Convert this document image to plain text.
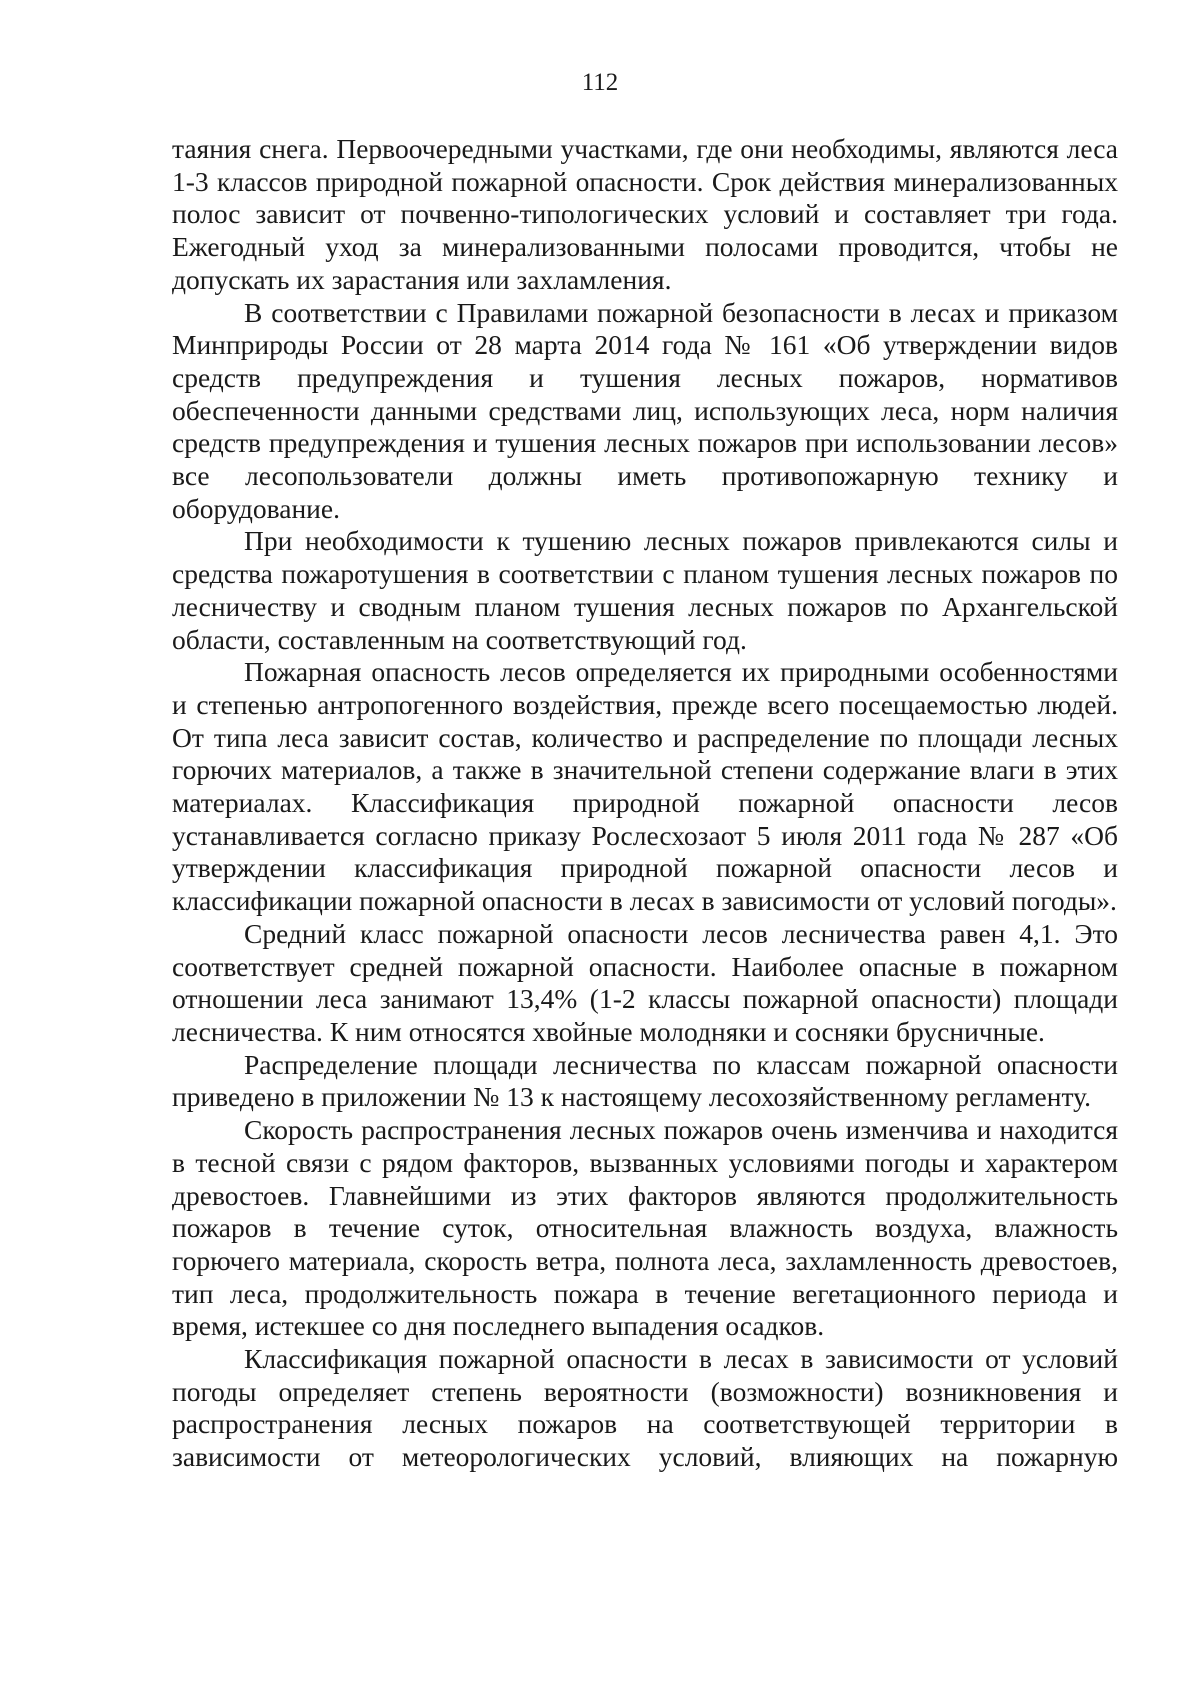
112

таяния снега. Первоочередными участками, где они необходимы, являются леса 1-3 классов природной пожарной опасности. Срок действия минерализованных полос зависит от почвенно-типологических условий и составляет три года. Ежегодный уход за минерализованными полосами проводится, чтобы не допускать их зарастания или захламления.

В соответствии с Правилами пожарной безопасности в лесах и приказом Минприроды России от 28 марта 2014 года № 161 «Об утверждении видов средств предупреждения и тушения лесных пожаров, нормативов обеспеченности данными средствами лиц, использующих леса, норм наличия средств предупреждения и тушения лесных пожаров при использовании лесов» все лесопользователи должны иметь противопожарную технику и оборудование.

При необходимости к тушению лесных пожаров привлекаются силы и средства пожаротушения в соответствии с планом тушения лесных пожаров по лесничеству и сводным планом тушения лесных пожаров по Архангельской области, составленным на соответствующий год.

Пожарная опасность лесов определяется их природными особенностями и степенью антропогенного воздействия, прежде всего посещаемостью людей. От типа леса зависит состав, количество и распределение по площади лесных горючих материалов, а также в значительной степени содержание влаги в этих материалах. Классификация природной пожарной опасности лесов устанавливается согласно приказу Рослесхозаот 5 июля 2011 года № 287 «Об утверждении классификация природной пожарной опасности лесов и классификации пожарной опасности в лесах в зависимости от условий погоды».

Средний класс пожарной опасности лесов лесничества равен 4,1. Это соответствует средней пожарной опасности. Наиболее опасные в пожарном отношении леса занимают 13,4% (1-2 классы пожарной опасности) площади лесничества. К ним относятся хвойные молодняки и сосняки брусничные.

Распределение площади лесничества по классам пожарной опасности приведено в приложении № 13 к настоящему лесохозяйственному регламенту.

Скорость распространения лесных пожаров очень изменчива и находится в тесной связи с рядом факторов, вызванных условиями погоды и характером древостоев. Главнейшими из этих факторов являются продолжительность пожаров в течение суток, относительная влажность воздуха, влажность горючего материала, скорость ветра, полнота леса, захламленность древостоев, тип леса, продолжительность пожара в течение вегетационного периода и время, истекшее со дня последнего выпадения осадков.

Классификация пожарной опасности в лесах в зависимости от условий погоды определяет степень вероятности (возможности) возникновения и распространения лесных пожаров на соответствующей территории в зависимости от метеорологических условий, влияющих на пожарную
